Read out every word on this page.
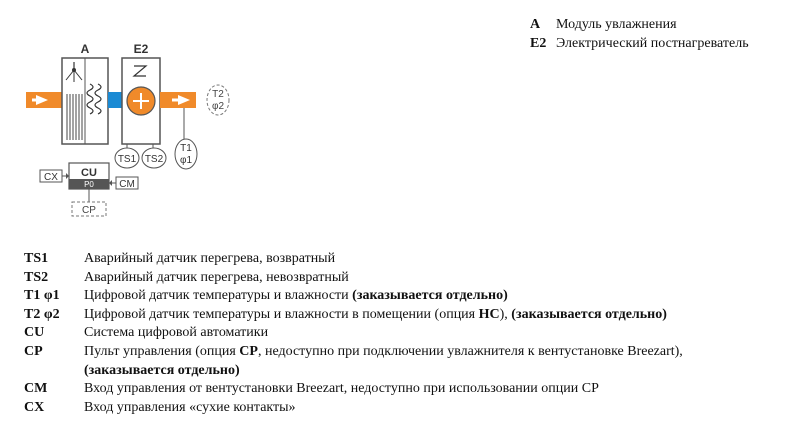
A	E2
TS1 TS2
T1
φ1
T2
φ2
CU
P0
CX
CM
CP
A	Модуль увлажнения
E2 Электрический постнагреватель
TS1	Аварийный датчик перегрева, возвратный
TS2	Аварийный датчик перегрева, невозвратный
T1 φ1	Цифровой датчик температуры и влажности (заказывается отдельно)
T2 φ2	Цифровой датчик температуры и влажности в помещении (опция HC), (заказывается отдельно)
CU	Система цифровой автоматики
CP	Пульт управления (опция CP, недоступно при подключении увлажнителя к вентустановке Breezart),
(заказывается отдельно)
CM	Вход управления от вентустановки Breezart, недоступно при использовании опции CP
CX	Вход управления «сухие контакты»
